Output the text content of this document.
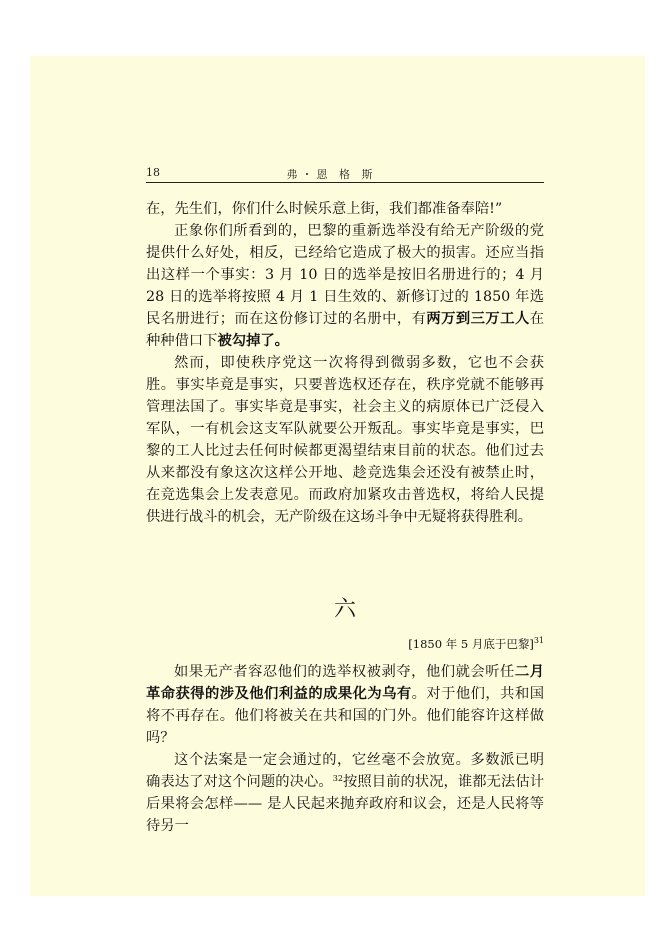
18	弗・恩 格 斯

在，先生们，你们什么时候乐意上街，我们都准备奉陪!”

正象你们所看到的，巴黎的重新选举没有给无产阶级的党提供什么好处，相反，已经给它造成了极大的损害。还应当指出这样一个事实：3 月 10 日的选举是按旧名册进行的；4 月 28 日的选举将按照 4 月 1 日生效的、新修订过的 1850 年选民名册进行；而在这份修订过的名册中，有两万到三万工人在种种借口下被勾掉了。

然而，即使秩序党这一次将得到微弱多数，它也不会获胜。事实毕竟是事实，只要普选权还存在，秩序党就不能够再管理法国了。事实毕竟是事实，社会主义的病原体已广泛侵入军队，一有机会这支军队就要公开叛乱。事实毕竟是事实，巴黎的工人比过去任何时候都更渴望结束目前的状态。他们过去从来都没有象这次这样公开地、趁竞选集会还没有被禁止时，在竞选集会上发表意见。而政府加紧攻击普选权，将给人民提供进行战斗的机会，无产阶级在这场斗争中无疑将获得胜利。

六
[1850 年 5 月底于巴黎]$^{31}$

如果无产者容忍他们的选举权被剥夺，他们就会听任二月革命获得的涉及他们利益的成果化为乌有。对于他们，共和国将不再存在。他们将被关在共和国的门外。他们能容许这样做吗？

这个法案是一定会通过的，它丝毫不会放宽。多数派已明确表达了对这个问题的决心。$^{32}$按照目前的状况，谁都无法估计后果将会怎样—— 是人民起来抛弃政府和议会，还是人民将等待另一
